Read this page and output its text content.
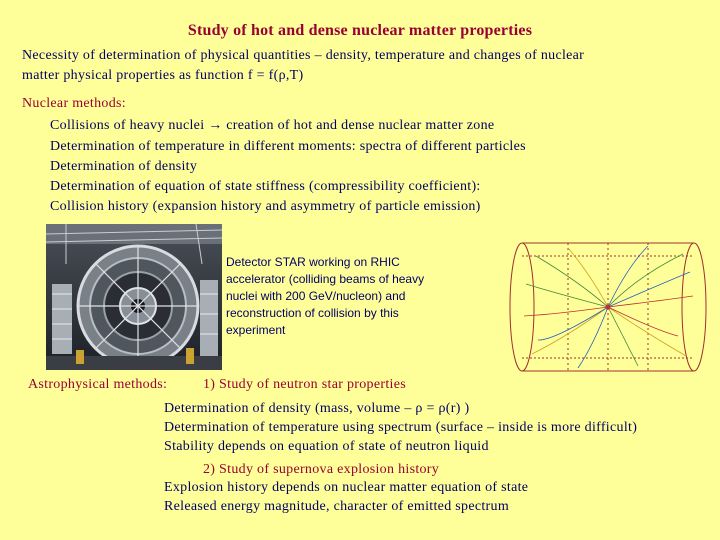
Study of hot and dense nuclear matter properties
Necessity of determination of physical quantities – density, temperature and changes of nuclear
matter physical properties as function f = f(ρ,T)
Nuclear methods:
Collisions of heavy nuclei → creation of hot and dense nuclear matter zone
Determination of temperature in different moments: spectra of different particles
Determination of density
Determination of equation of state stiffness (compressibility coefficient):
Collision history (expansion history and asymmetry of particle emission)
Detector STAR working on RHIC accelerator (colliding beams of heavy nuclei with 200 GeV/nucleon) and reconstruction of collision by this experiment
Astrophysical methods:	1) Study of neutron star properties
Determination of density (mass, volume – ρ = ρ(r) )
Determination of temperature using spectrum (surface – inside is more difficult)
Stability depends on equation of state of neutron liquid
2) Study of supernova explosion history
Explosion history depends on nuclear matter equation of state
Released energy magnitude, character of emitted spectrum
